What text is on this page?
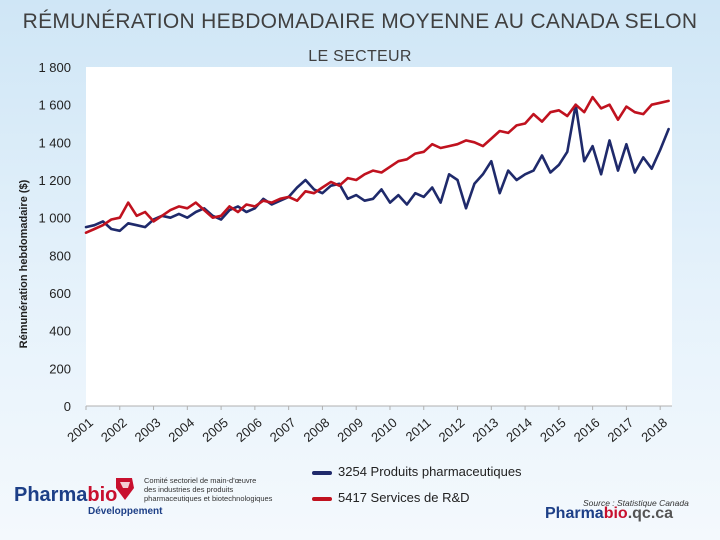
RÉMUNÉRATION HEBDOMADAIRE MOYENNE AU CANADA SELON
LE SECTEUR
0
200
400
600
800
1 000
1 200
1 400
1 600
1 800
2001 2002 2003 2004 2005 2006 2007 2008 2009 2010 2011 2012 2013 2014 2015 2016 2017 2018
Rémunération hebdomadaire ($)
3254 Produits pharmaceutiques
5417 Services de R&D
Pharmabio
Développement
Comité sectoriel de main-d'œuvre
des industries des produits
pharmaceutiques et biotechnologiques	Source : Statistique Canada
Pharmabio.qc.ca
